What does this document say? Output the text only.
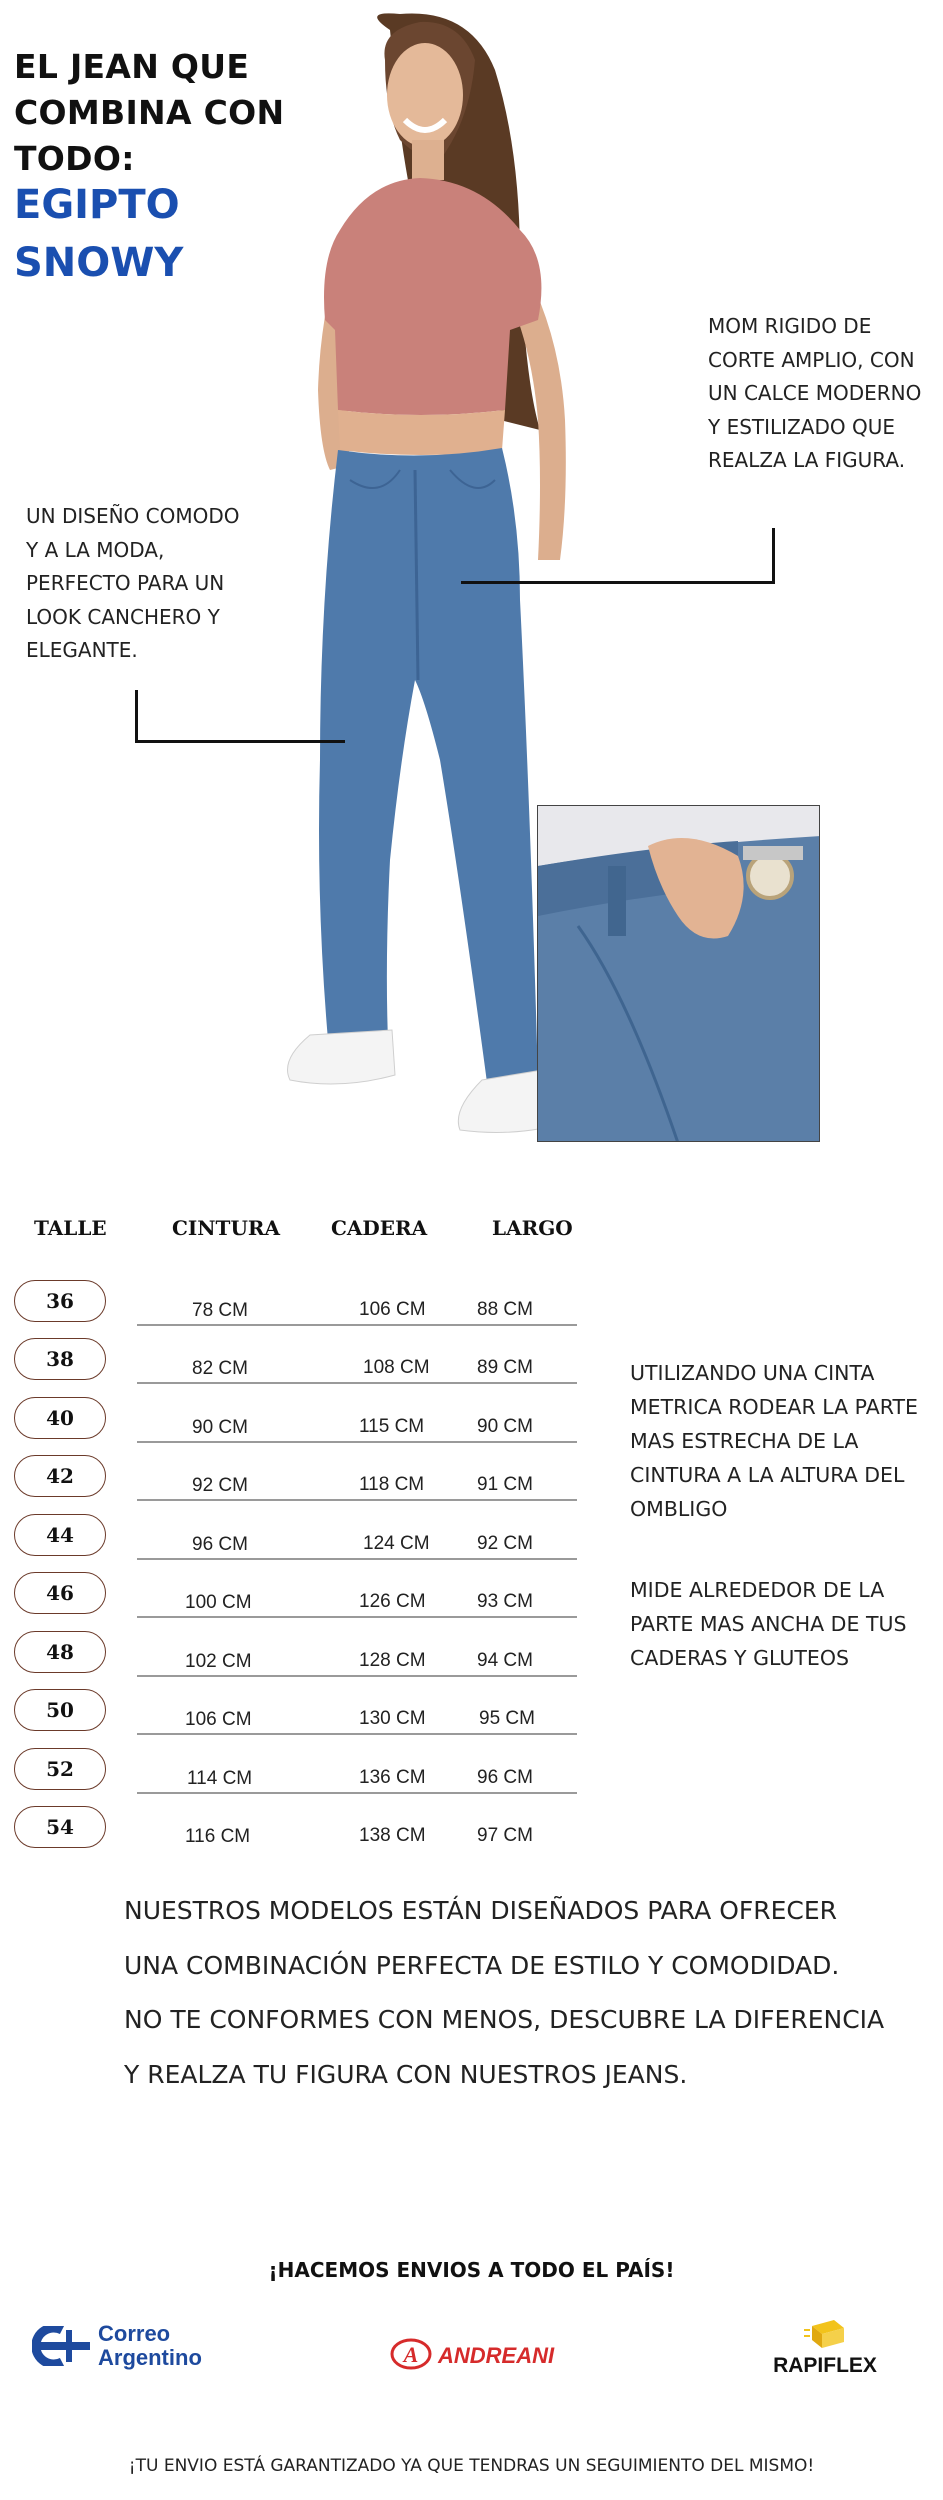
EL JEAN QUE
COMBINA CON
TODO:
EGIPTO
SNOWY
MOM RIGIDO DE
CORTE AMPLIO, CON
UN CALCE MODERNO
Y ESTILIZADO QUE
REALZA LA FIGURA.
UN DISEÑO COMODO
Y A LA MODA,
PERFECTO PARA UN
LOOK CANCHERO Y
ELEGANTE.
TALLE	CINTURA	CADERA	LARGO
36	78 CM	106 CM	88 CM
38	82 CM	108 CM 89 CM
40	90 CM	115 CM	90 CM
42	92 CM	118 CM	91 CM
44	96 CM	124 CM 92 CM
46	100 CM	126 CM	93 CM
48	102 CM	128 CM	94 CM
50	106 CM	130 CM	95 CM
52	114 CM	136 CM	96 CM
54	116 CM	138 CM	97 CM
UTILIZANDO UNA CINTA
METRICA RODEAR LA PARTE
MAS ESTRECHA DE LA
CINTURA A LA ALTURA DEL
OMBLIGO
MIDE ALREDEDOR DE LA
PARTE MAS ANCHA DE TUS
CADERAS Y GLUTEOS
NUESTROS MODELOS ESTÁN DISEÑADOS PARA OFRECER
UNA COMBINACIÓN PERFECTA DE ESTILO Y COMODIDAD.
NO TE CONFORMES CON MENOS, DESCUBRE LA DIFERENCIA
Y REALZA TU FIGURA CON NUESTROS JEANS.
¡HACEMOS ENVIOS A TODO EL PAÍS!
Correo
Argentino	A ANDREANI	RAPIFLEX
¡TU ENVIO ESTÁ GARANTIZADO YA QUE TENDRAS UN SEGUIMIENTO DEL MISMO!
